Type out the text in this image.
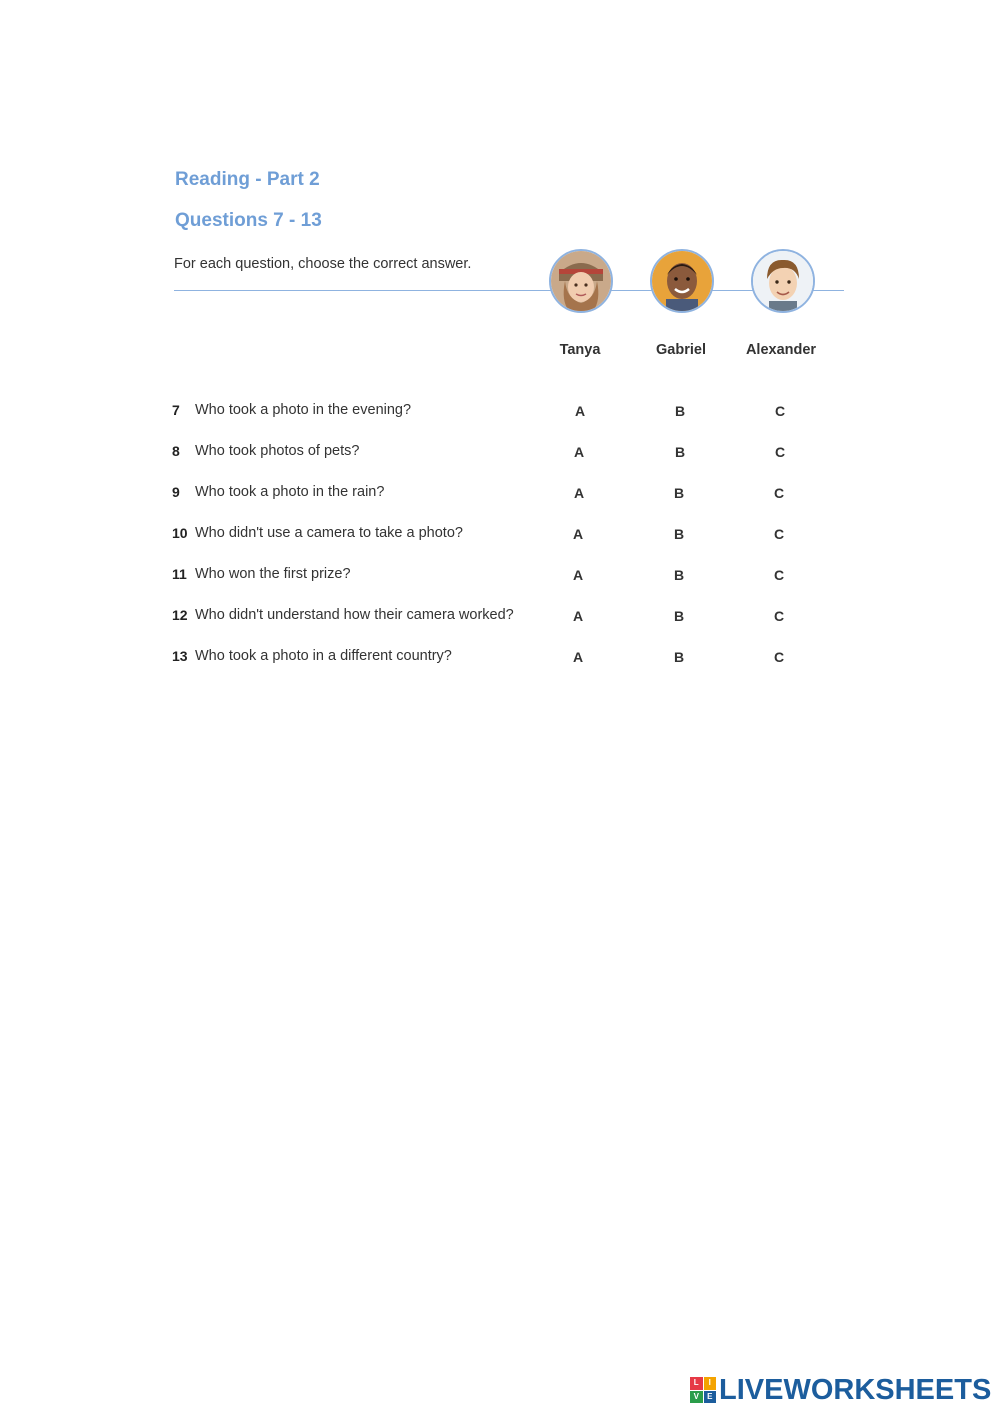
Reading - Part 2
Questions 7 - 13
For each question, choose the correct answer.
Tanya	Gabriel	Alexander
7 Who took a photo in the evening?	A	B	C
8 Who took photos of pets?	A	B	C
9 Who took a photo in the rain?	A	B	C
10 Who didn't use a camera to take a photo?	A	B	C
11 Who won the first prize?	A	B	C
12 Who didn't understand how their camera worked?	A	B	C
13 Who took a photo in a different country?	A	B	C
L	I
V	E LIVEWORKSHEETS
